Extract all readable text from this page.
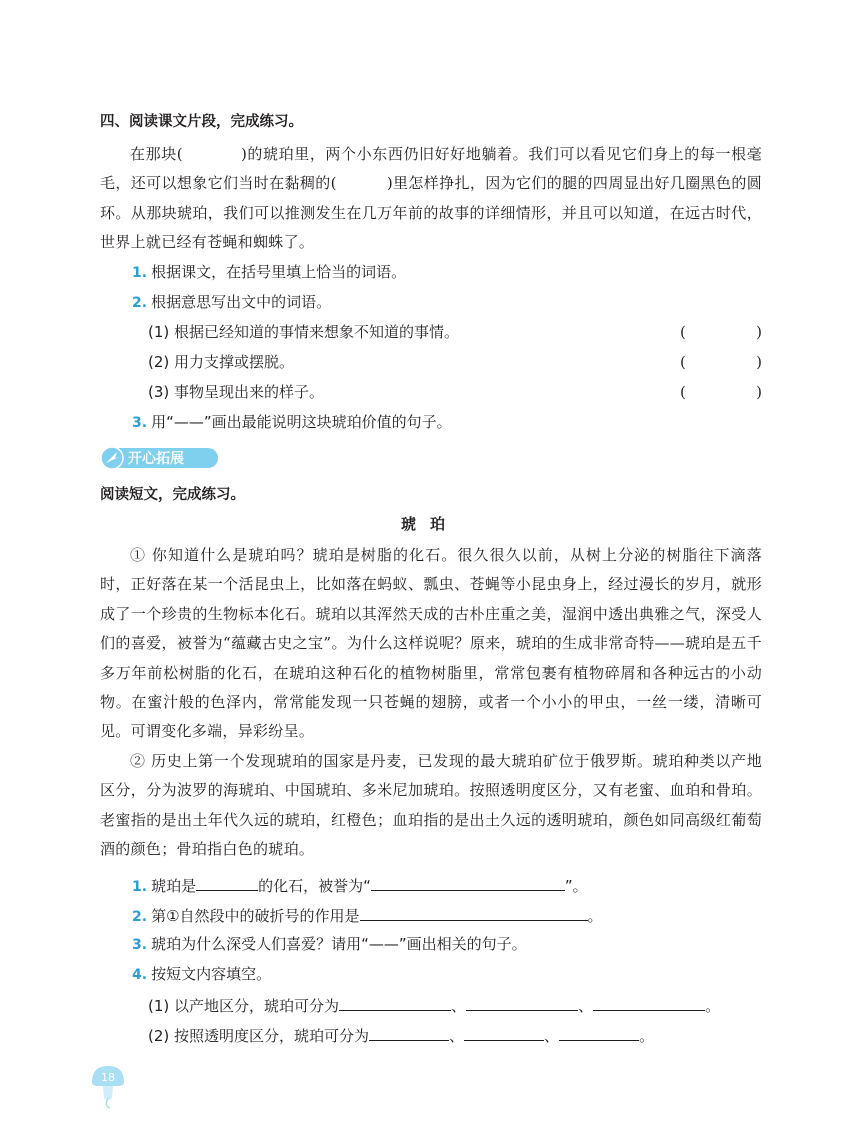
四、阅读课文片段，完成练习。

在那块(	)的琥珀里，两个小东西仍旧好好地躺着。我们可以看见它们身上的每一根毫毛，还可以想象它们当时在黏稠的(	)里怎样挣扎，因为它们的腿的四周显出好几圈黑色的圆环。从那块琥珀，我们可以推测发生在几万年前的故事的详细情形，并且可以知道，在远古时代，世界上就已经有苍蝇和蜘蛛了。

1. 根据课文，在括号里填上恰当的词语。
2. 根据意思写出文中的词语。
(1) 根据已经知道的事情来想象不知道的事情。	(	)
(2) 用力支撑或摆脱。	(	)
(3) 事物呈现出来的样子。	(	)
3. 用“——”画出最能说明这块琥珀价值的句子。
开心拓展
阅读短文，完成练习。
琥珀

① 你知道什么是琥珀吗？琥珀是树脂的化石。很久很久以前，从树上分泌的树脂往下滴落时，正好落在某一个活昆虫上，比如落在蚂蚁、瓢虫、苍蝇等小昆虫身上，经过漫长的岁月，就形成了一个珍贵的生物标本化石。琥珀以其浑然天成的古朴庄重之美，湿润中透出典雅之气，深受人们的喜爱，被誉为“蕴藏古史之宝”。为什么这样说呢？原来，琥珀的生成非常奇特——琥珀是五千多万年前松树脂的化石，在琥珀这种石化的植物树脂里，常常包裹有植物碎屑和各种远古的小动物。在蜜汁般的色泽内，常常能发现一只苍蝇的翅膀，或者一个小小的甲虫，一丝一缕，清晰可见。可谓变化多端，异彩纷呈。

② 历史上第一个发现琥珀的国家是丹麦，已发现的最大琥珀矿位于俄罗斯。琥珀种类以产地区分，分为波罗的海琥珀、中国琥珀、多米尼加琥珀。按照透明度区分，又有老蜜、血珀和骨珀。老蜜指的是出土年代久远的琥珀，红橙色；血珀指的是出土久远的透明琥珀，颜色如同高级红葡萄酒的颜色；骨珀指白色的琥珀。

1. 琥珀是	的化石，被誉为“	”。
2. 第①自然段中的破折号的作用是	。
3. 琥珀为什么深受人们喜爱？请用“——”画出相关的句子。
4. 按短文内容填空。
(1) 以产地区分，琥珀可分为	、	、	。
(2) 按照透明度区分，琥珀可分为	、	、	。
18
